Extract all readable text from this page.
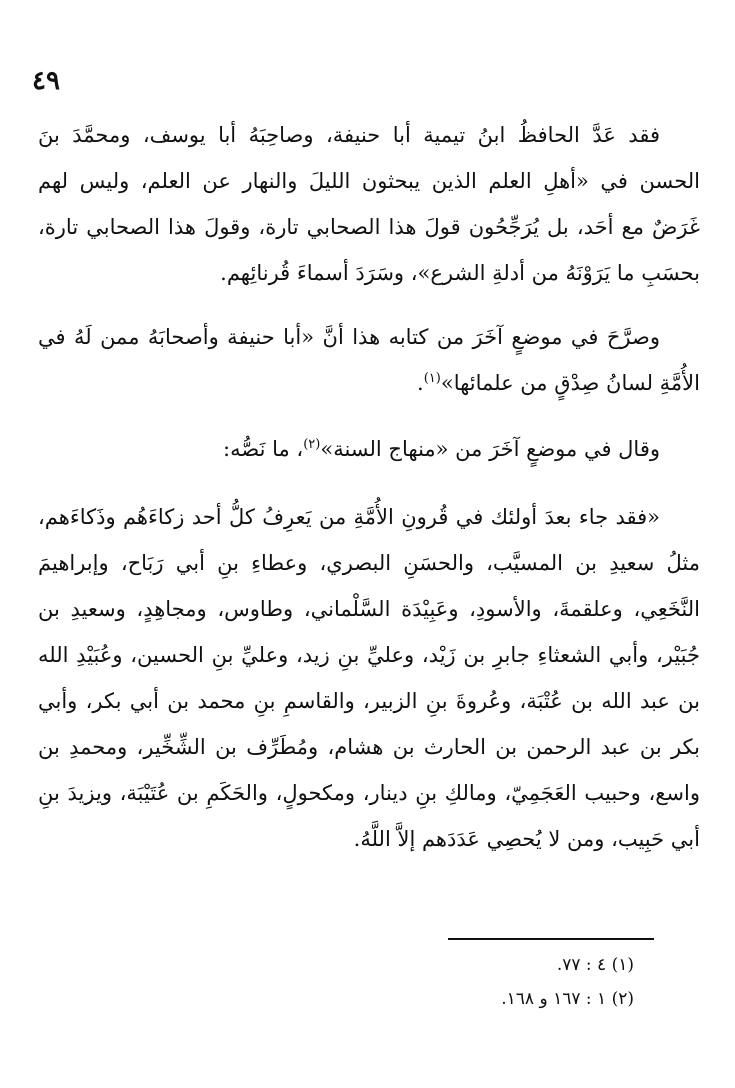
٤٩

فقد عَدَّ الحافظُ ابنُ تيمية أبا حنيفة، وصاحِبَهُ أبا يوسف، ومحمَّدَ بنَ الحسن في «أهلِ العلم الذين يبحثون الليلَ والنهار عن العلم، وليس لهم غَرَضٌ مع أحَد، بل يُرَجِّحُون قولَ هذا الصحابي تارة، وقولَ هذا الصحابي تارة، بحسَبِ ما يَرَوْنَهُ من أدلةِ الشرع»، وسَرَدَ أسماءَ قُرنائِهم.

وصرَّحَ في موضعٍ آخَرَ من كتابه هذا أنَّ «أبا حنيفة وأصحابَهُ ممن لَهُ في الأُمَّةِ لسانُ صِدْقٍ من علمائها»$^{(١)}$.

وقال في موضعٍ آخَرَ من «منهاج السنة»$^{(٢)}$، ما نَصُّه:

«فقد جاء بعدَ أولئك في قُرونِ الأُمَّةِ من يَعرِفُ كلُّ أحد زكاءَهُم وذَكاءَهم، مثلُ سعيدِ بن المسيَّب، والحسَنِ البصري، وعطاءِ بنِ أبي رَبَاح، وإبراهيمَ النَّخَعِي، وعلقمةَ، والأسودِ، وعَبِيْدَة السَّلْماني، وطاوس، ومجاهِدٍ، وسعيدِ بن جُبَيْر، وأبي الشعثاءِ جابرِ بن زَيْد، وعليِّ بنِ زيد، وعليِّ بنِ الحسين، وعُبَيْدِ الله بن عبد الله بن عُتْبَة، وعُروةَ بنِ الزبير، والقاسمِ بنِ محمد بن أبي بكر، وأبي بكر بن عبد الرحمن بن الحارث بن هشام، ومُطَرِّف بن الشِّخِّير، ومحمدِ بن واسع، وحبيب العَجَمِيّ، ومالكِ بنِ دينار، ومكحولٍ، والحَكَمِ بن عُتَيْبَة، ويزيدَ بنِ أبي حَبِيب، ومن لا يُحصِي عَدَدَهم إلاَّ اللَّهُ.

(١) ٤ : ٧٧.

(٢) ١ : ١٦٧ و ١٦٨.
